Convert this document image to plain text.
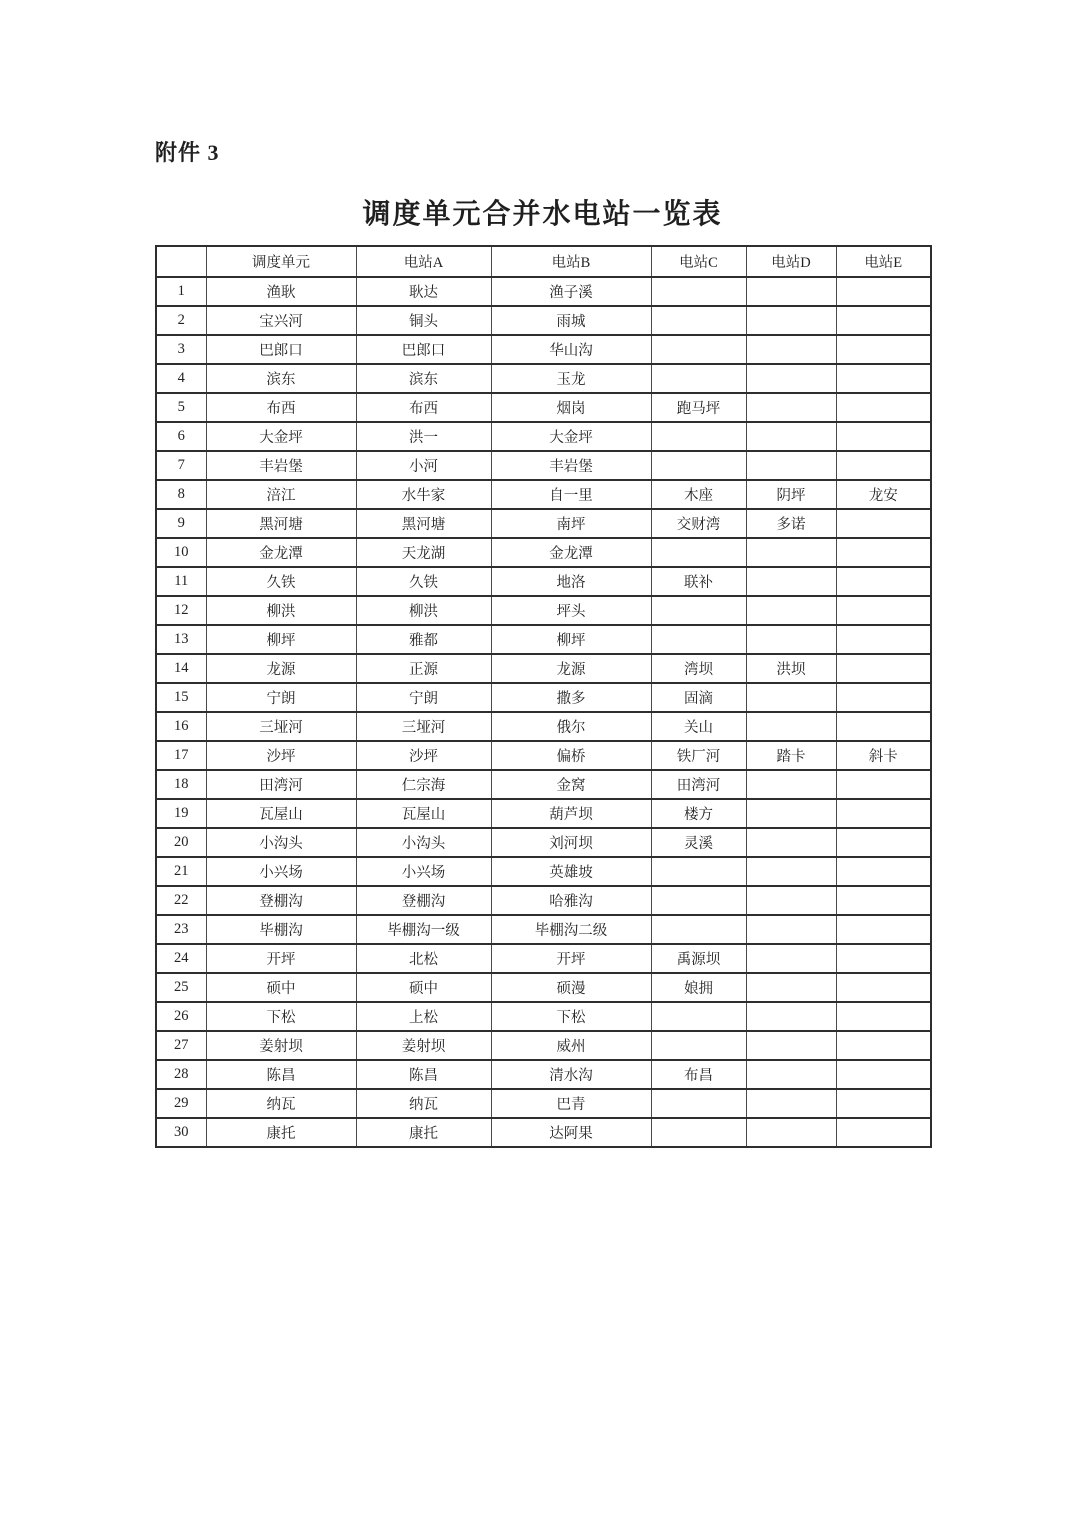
附件 3
调度单元合并水电站一览表
	调度单元	电站A	电站B	电站C	电站D	电站E
1	渔耿	耿达	渔子溪			
2	宝兴河	铜头	雨城			
3	巴郎口	巴郎口	华山沟			
4	滨东	滨东	玉龙			
5	布西	布西	烟岗	跑马坪		
6	大金坪	洪一	大金坪			
7	丰岩堡	小河	丰岩堡			
8	涪江	水牛家	自一里	木座	阴坪	龙安
9	黑河塘	黑河塘	南坪	交财湾	多诺	
10	金龙潭	天龙湖	金龙潭			
11	久铁	久铁	地洛	联补		
12	柳洪	柳洪	坪头			
13	柳坪	雅都	柳坪			
14	龙源	正源	龙源	湾坝	洪坝	
15	宁朗	宁朗	撒多	固滴		
16	三垭河	三垭河	俄尔	关山		
17	沙坪	沙坪	偏桥	铁厂河	踏卡	斜卡
18	田湾河	仁宗海	金窝	田湾河		
19	瓦屋山	瓦屋山	葫芦坝	楼方		
20	小沟头	小沟头	刘河坝	灵溪		
21	小兴场	小兴场	英雄坡			
22	登棚沟	登棚沟	哈雅沟			
23	毕棚沟	毕棚沟一级	毕棚沟二级			
24	开坪	北松	开坪	禹源坝		
25	硕中	硕中	硕漫	娘拥		
26	下松	上松	下松			
27	姜射坝	姜射坝	威州			
28	陈昌	陈昌	清水沟	布昌		
29	纳瓦	纳瓦	巴青			
30	康托	康托	达阿果			
